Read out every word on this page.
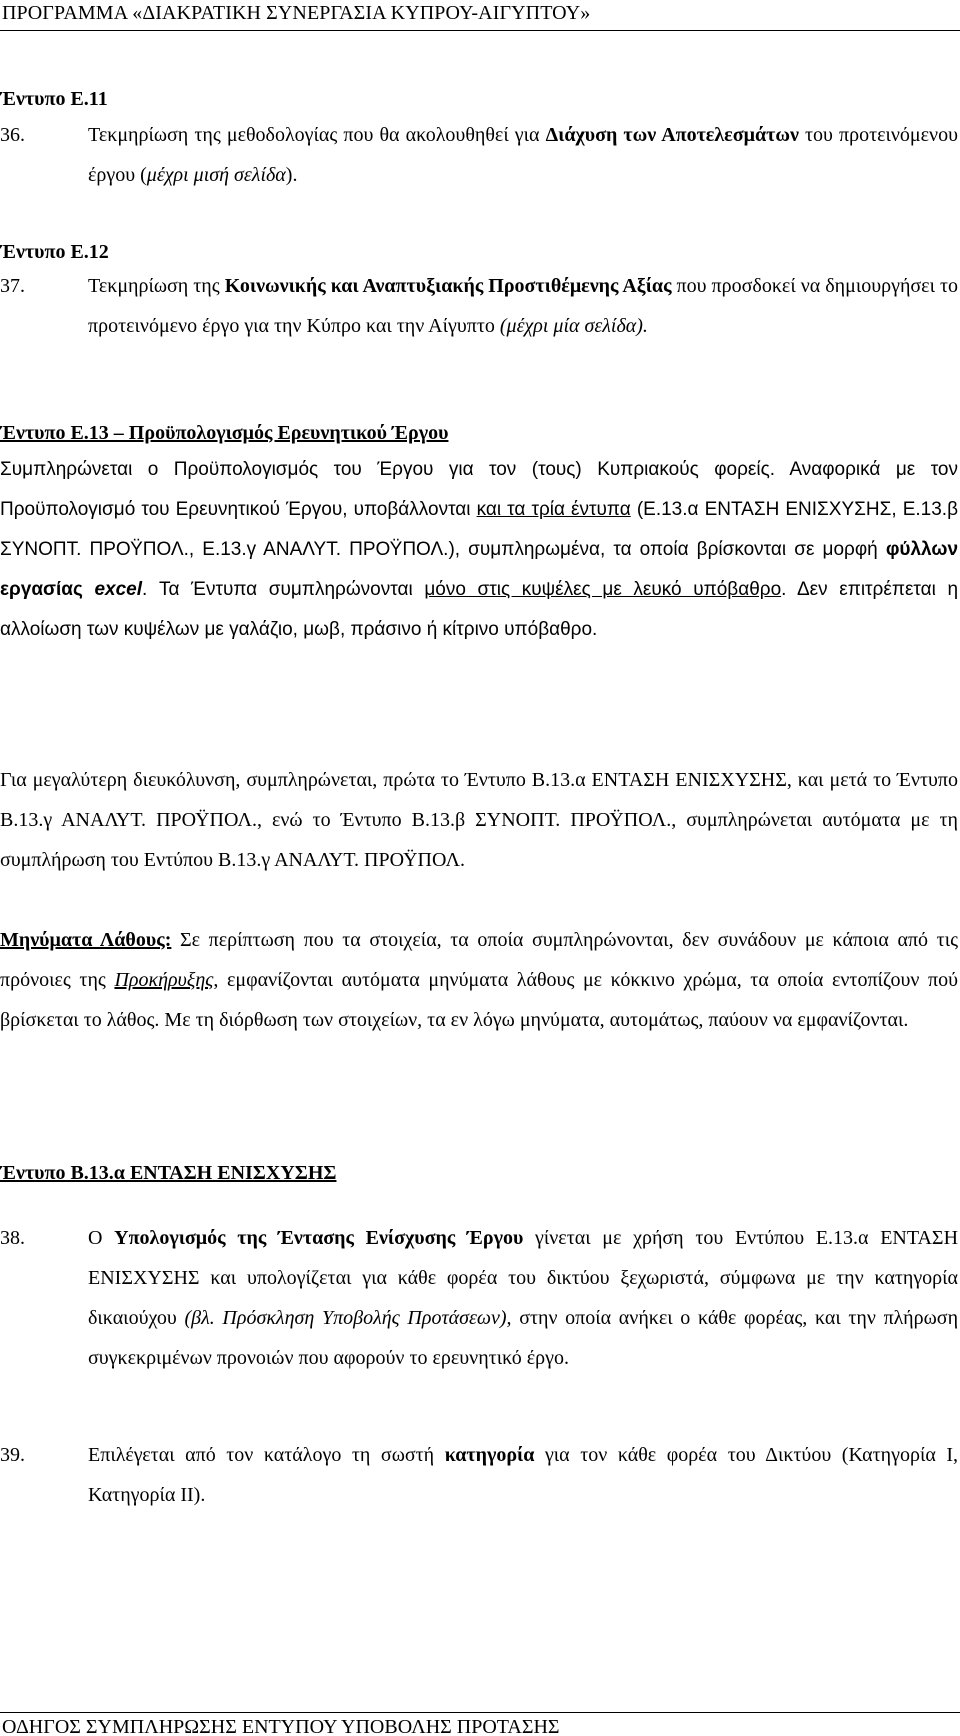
ΠΡΟΓΡΑΜΜΑ «ΔΙΑΚΡΑΤΙΚΗ ΣΥΝΕΡΓΑΣΙΑ ΚΥΠΡΟΥ-ΑΙΓΥΠΤΟΥ»
Έντυπο Ε.11
36.	Τεκμηρίωση της μεθοδολογίας που θα ακολουθηθεί για Διάχυση των Αποτελεσμάτων του προτεινόμενου έργου (μέχρι μισή σελίδα).
Έντυπο Ε.12
37.	Τεκμηρίωση της Κοινωνικής και Αναπτυξιακής Προστιθέμενης Αξίας που προσδοκεί να δημιουργήσει το προτεινόμενο έργο για την Κύπρο και την Αίγυπτο (μέχρι μία σελίδα).
Έντυπο Ε.13 – Προϋπολογισμός Ερευνητικού Έργου
Συμπληρώνεται ο Προϋπολογισμός του Έργου για τον (τους) Κυπριακούς φορείς. Αναφορικά με τον Προϋπολογισμό του Ερευνητικού Έργου, υποβάλλονται και τα τρία έντυπα (Ε.13.α ΕΝΤΑΣΗ ΕΝΙΣΧΥΣΗΣ, Ε.13.β ΣΥΝΟΠΤ. ΠΡΟΫΠΟΛ., Ε.13.γ ΑΝΑΛΥΤ. ΠΡΟΫΠΟΛ.), συμπληρωμένα, τα οποία βρίσκονται σε μορφή φύλλων εργασίας excel. Τα Έντυπα συμπληρώνονται μόνο στις κυψέλες με λευκό υπόβαθρο. Δεν επιτρέπεται η αλλοίωση των κυψέλων με γαλάζιο, μωβ, πράσινο ή κίτρινο υπόβαθρο.
Για μεγαλύτερη διευκόλυνση, συμπληρώνεται, πρώτα το Έντυπο Β.13.α ΕΝΤΑΣΗ ΕΝΙΣΧΥΣΗΣ, και μετά το Έντυπο Β.13.γ ΑΝΑΛΥΤ. ΠΡΟΫΠΟΛ., ενώ το Έντυπο Β.13.β ΣΥΝΟΠΤ. ΠΡΟΫΠΟΛ., συμπληρώνεται αυτόματα με τη συμπλήρωση του Εντύπου Β.13.γ ΑΝΑΛΥΤ. ΠΡΟΫΠΟΛ.
Μηνύματα Λάθους: Σε περίπτωση που τα στοιχεία, τα οποία συμπληρώνονται, δεν συνάδουν με κάποια από τις πρόνοιες της Προκήρυξης, εμφανίζονται αυτόματα μηνύματα λάθους με κόκκινο χρώμα, τα οποία εντοπίζουν πού βρίσκεται το λάθος. Με τη διόρθωση των στοιχείων, τα εν λόγω μηνύματα, αυτομάτως, παύουν να εμφανίζονται.
Έντυπο Β.13.α ΕΝΤΑΣΗ ΕΝΙΣΧΥΣΗΣ
38.	Ο Υπολογισμός της Έντασης Ενίσχυσης Έργου γίνεται με χρήση του Εντύπου Ε.13.α ΕΝΤΑΣΗ ΕΝΙΣΧΥΣΗΣ και υπολογίζεται για κάθε φορέα του δικτύου ξεχωριστά, σύμφωνα με την κατηγορία δικαιούχου (βλ. Πρόσκληση Υποβολής Προτάσεων), στην οποία ανήκει ο κάθε φορέας, και την πλήρωση συγκεκριμένων προνοιών που αφορούν το ερευνητικό έργο.
39.	Επιλέγεται από τον κατάλογο τη σωστή κατηγορία για τον κάθε φορέα του Δικτύου (Κατηγορία Ι, Κατηγορία ΙΙ).
ΟΔΗΓΟΣ ΣΥΜΠΛΗΡΩΣΗΣ ΕΝΤΥΠΟΥ ΥΠΟΒΟΛΗΣ ΠΡΟΤΑΣΗΣ
